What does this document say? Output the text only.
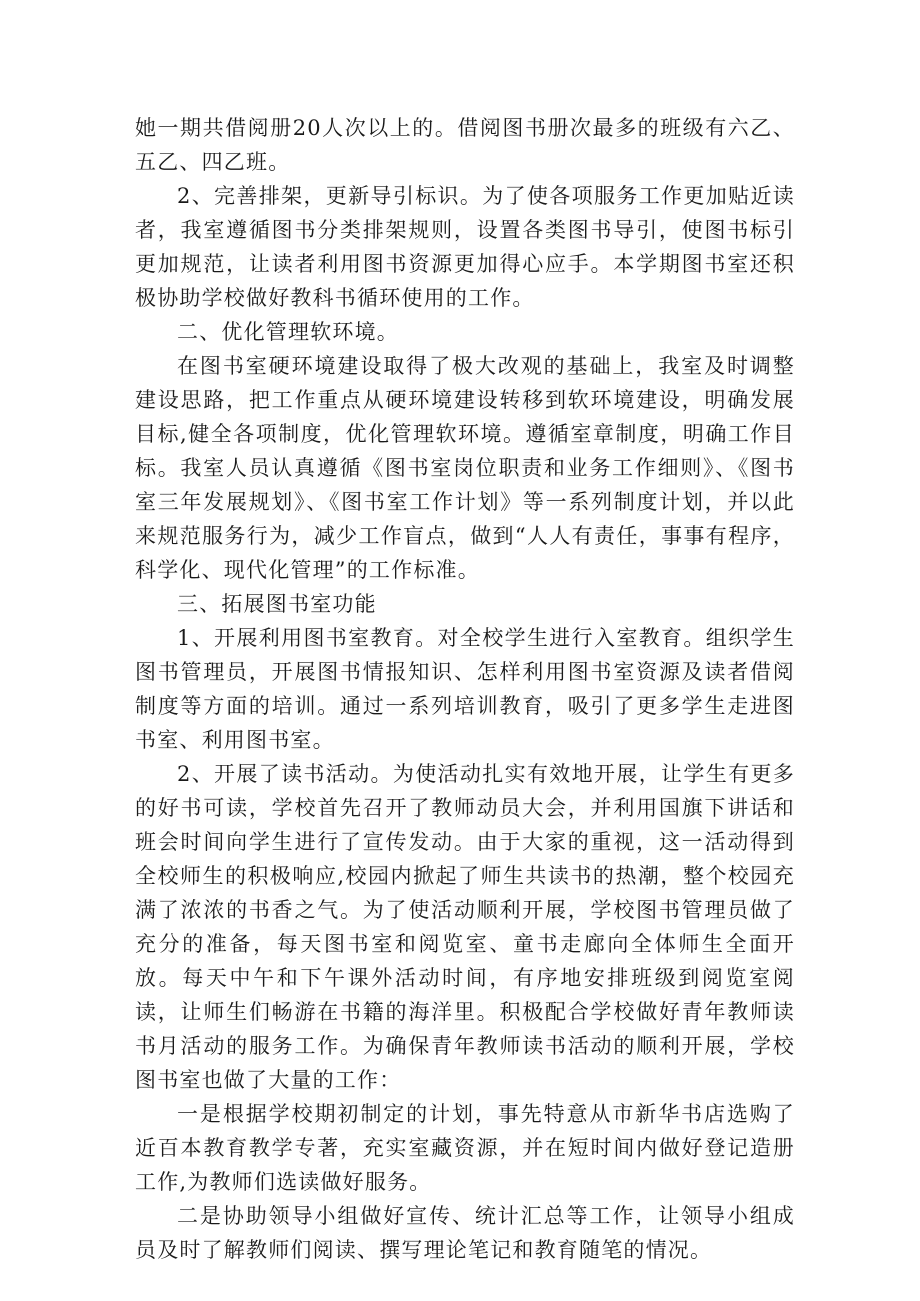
她一期共借阅册20人次以上的。借阅图书册次最多的班级有六乙、五乙、四乙班。

2、完善排架，更新导引标识。为了使各项服务工作更加贴近读者，我室遵循图书分类排架规则，设置各类图书导引，使图书标引更加规范，让读者利用图书资源更加得心应手。本学期图书室还积极协助学校做好教科书循环使用的工作。

二、优化管理软环境。

在图书室硬环境建设取得了极大改观的基础上，我室及时调整建设思路，把工作重点从硬环境建设转移到软环境建设，明确发展目标,健全各项制度，优化管理软环境。遵循室章制度，明确工作目标。我室人员认真遵循《图书室岗位职责和业务工作细则》、《图书室三年发展规划》、《图书室工作计划》等一系列制度计划，并以此来规范服务行为，减少工作盲点，做到“人人有责任，事事有程序，科学化、现代化管理”的工作标准。

三、拓展图书室功能

1、开展利用图书室教育。对全校学生进行入室教育。组织学生图书管理员，开展图书情报知识、怎样利用图书室资源及读者借阅制度等方面的培训。通过一系列培训教育，吸引了更多学生走进图书室、利用图书室。

2、开展了读书活动。为使活动扎实有效地开展，让学生有更多的好书可读，学校首先召开了教师动员大会，并利用国旗下讲话和班会时间向学生进行了宣传发动。由于大家的重视，这一活动得到全校师生的积极响应,校园内掀起了师生共读书的热潮，整个校园充满了浓浓的书香之气。为了使活动顺利开展，学校图书管理员做了充分的准备，每天图书室和阅览室、童书走廊向全体师生全面开放。每天中午和下午课外活动时间，有序地安排班级到阅览室阅读，让师生们畅游在书籍的海洋里。积极配合学校做好青年教师读书月活动的服务工作。为确保青年教师读书活动的顺利开展，学校图书室也做了大量的工作：

一是根据学校期初制定的计划，事先特意从市新华书店选购了近百本教育教学专著，充实室藏资源，并在短时间内做好登记造册工作,为教师们选读做好服务。

二是协助领导小组做好宣传、统计汇总等工作，让领导小组成员及时了解教师们阅读、撰写理论笔记和教育随笔的情况。
